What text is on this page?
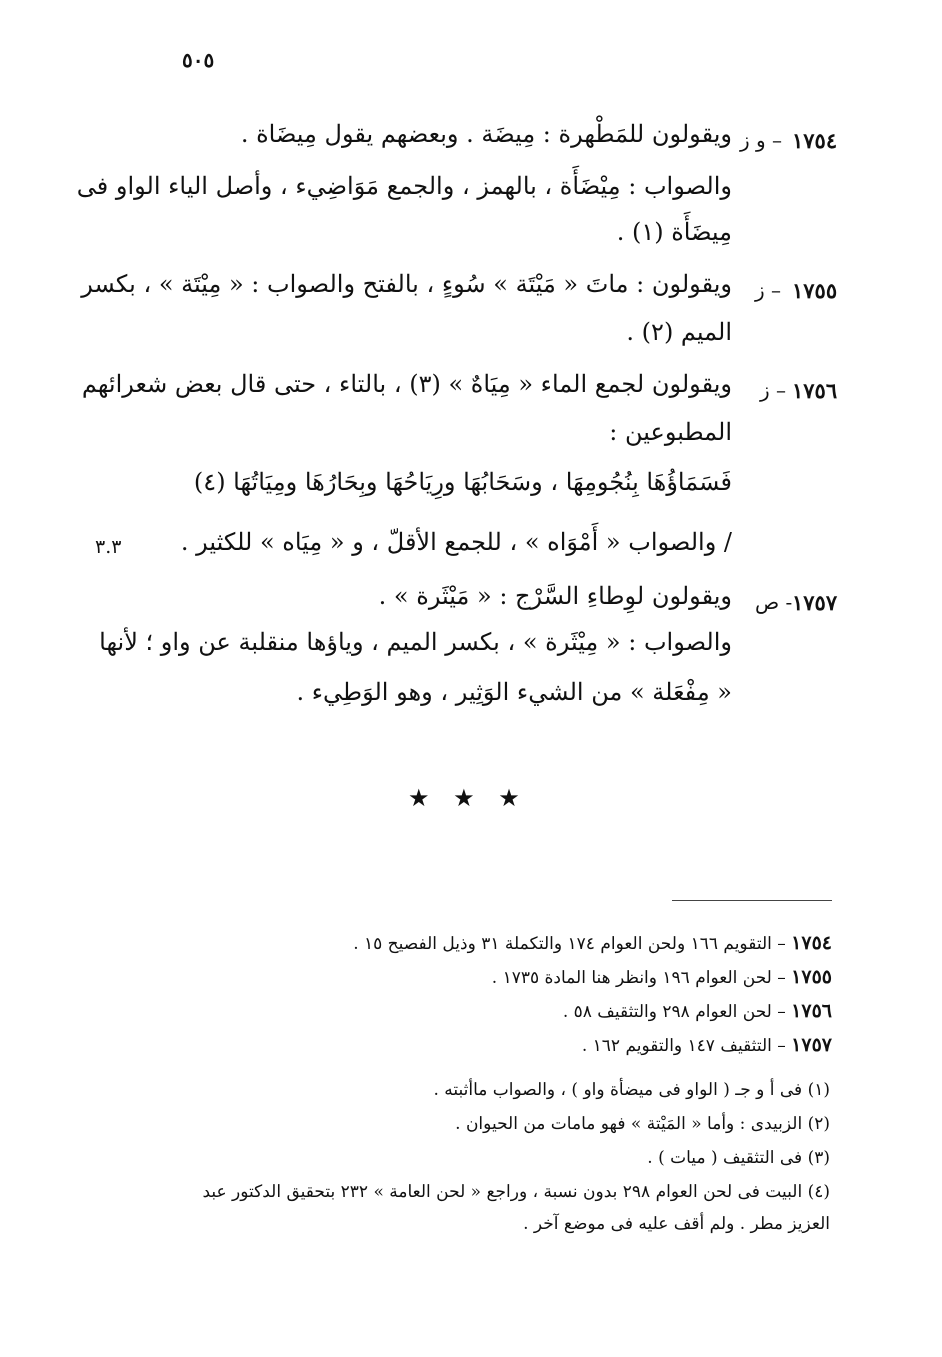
٥٠٥
١٧٥٤
– و ز
ويقولون للمَطْهرة : مِيضَة . وبعضهم يقول مِيضَاة .
والصواب : مِيْضَأَة ، بالهمز ، والجمع مَوَاضِيء ، وأصل الياء الواو فى
مِيضَأَة (١) .
١٧٥٥
– ز
ويقولون : ماتَ « مَيْتَة » سُوءٍ ، بالفتح والصواب : « مِيْتَة » ، بكسر
الميم (٢) .
١٧٥٦
– ز
ويقولون لجمع الماء « مِيَاهٌ » (٣) ، بالتاء ، حتى قال بعض شعرائهم
المطبوعين :
فَسَمَاؤُهَا بِنُجُومِهَا ، وسَحَابُهَا ورِيَاحُهَا وبِحَارُهَا ومِيَاتُهَا (٤)
/ والصواب « أَمْوَاه » ، للجمع الأقلّ ، و « مِيَاه » للكثير .
٣.٣
١٧٥٧
- ص
ويقولون لوِطاءِ السَّرْج : « مَيْثَرة » .
والصواب : « مِيْثَرة » ، بكسر الميم ، وياؤها منقلبة عن واو ؛ لأنها
« مِفْعَلة » من الشيء الوَثِير ، وهو الوَطِيء .
★ ★ ★
١٧٥٤ – التقويم ١٦٦ ولحن العوام ١٧٤ والتكملة ٣١ وذيل الفصيح ١٥ .
١٧٥٥ – لحن العوام ١٩٦ وانظر هنا المادة ١٧٣٥ .
١٧٥٦ – لحن العوام ٢٩٨ والتثقيف ٥٨ .
١٧٥٧ – التثقيف ١٤٧ والتقويم ١٦٢ .
(١) فى أ و جـ ( الواو فى ميضأة واو ) ، والصواب ماأثبته .
(٢) الزبيدى : وأما « المَيْتة » فهو مامات من الحيوان .
(٣) فى التثقيف ( ميات ) .
(٤) البيت فى لحن العوام ٢٩٨ بدون نسبة ، وراجع « لحن العامة » ٢٣٢ بتحقيق الدكتور عبد
العزيز مطر . ولم أقف عليه فى موضع آخر .
